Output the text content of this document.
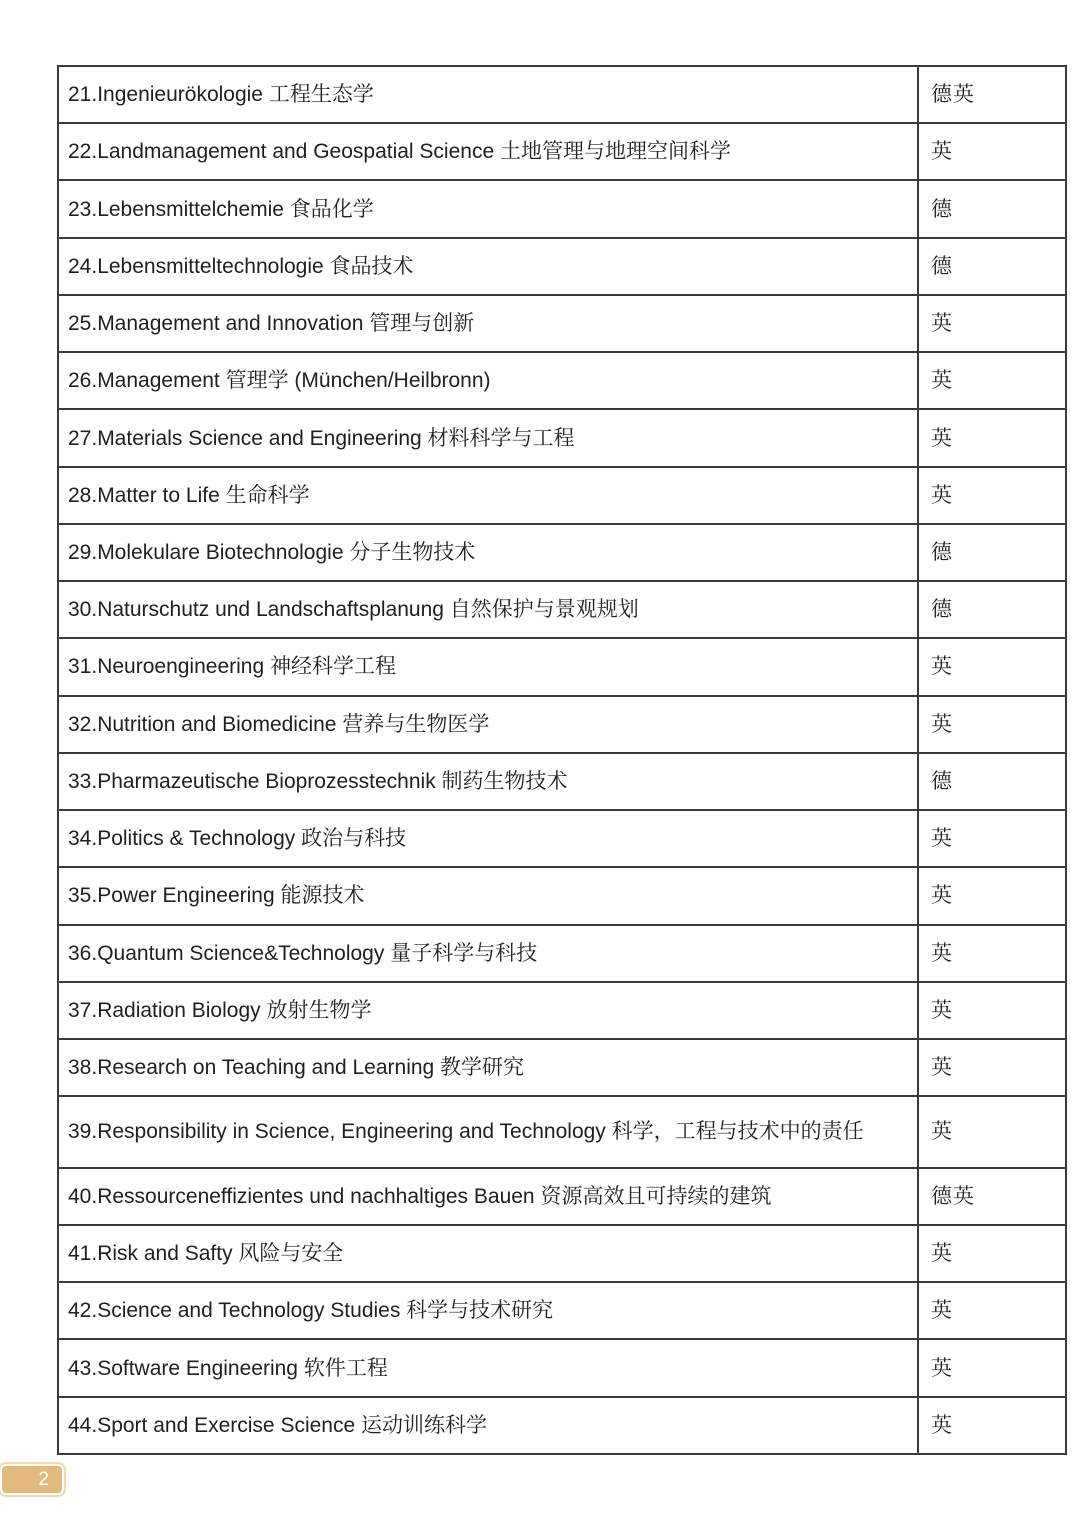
21.Ingenieurökologie 工程生态学	德英
22.Landmanagement and Geospatial Science 土地管理与地理空间科学	英
23.Lebensmittelchemie 食品化学	德
24.Lebensmitteltechnologie 食品技术	德
25.Management and Innovation 管理与创新	英
26.Management 管理学 (München/Heilbronn)	英
27.Materials Science and Engineering 材料科学与工程	英
28.Matter to Life 生命科学	英
29.Molekulare Biotechnologie 分子生物技术	德
30.Naturschutz und Landschaftsplanung 自然保护与景观规划	德
31.Neuroengineering 神经科学工程	英
32.Nutrition and Biomedicine 营养与生物医学	英
33.Pharmazeutische Bioprozesstechnik 制药生物技术	德
34.Politics & Technology 政治与科技	英
35.Power Engineering 能源技术	英
36.Quantum Science&Technology 量子科学与科技	英
37.Radiation Biology 放射生物学	英
38.Research on Teaching and Learning 教学研究	英
39.Responsibility in Science, Engineering and Technology 科学，工程与技术中的责任	英
40.Ressourceneffizientes und nachhaltiges Bauen 资源高效且可持续的建筑	德英
41.Risk and Safty 风险与安全	英
42.Science and Technology Studies 科学与技术研究	英
43.Software Engineering 软件工程	英
44.Sport and Exercise Science 运动训练科学	英
2
